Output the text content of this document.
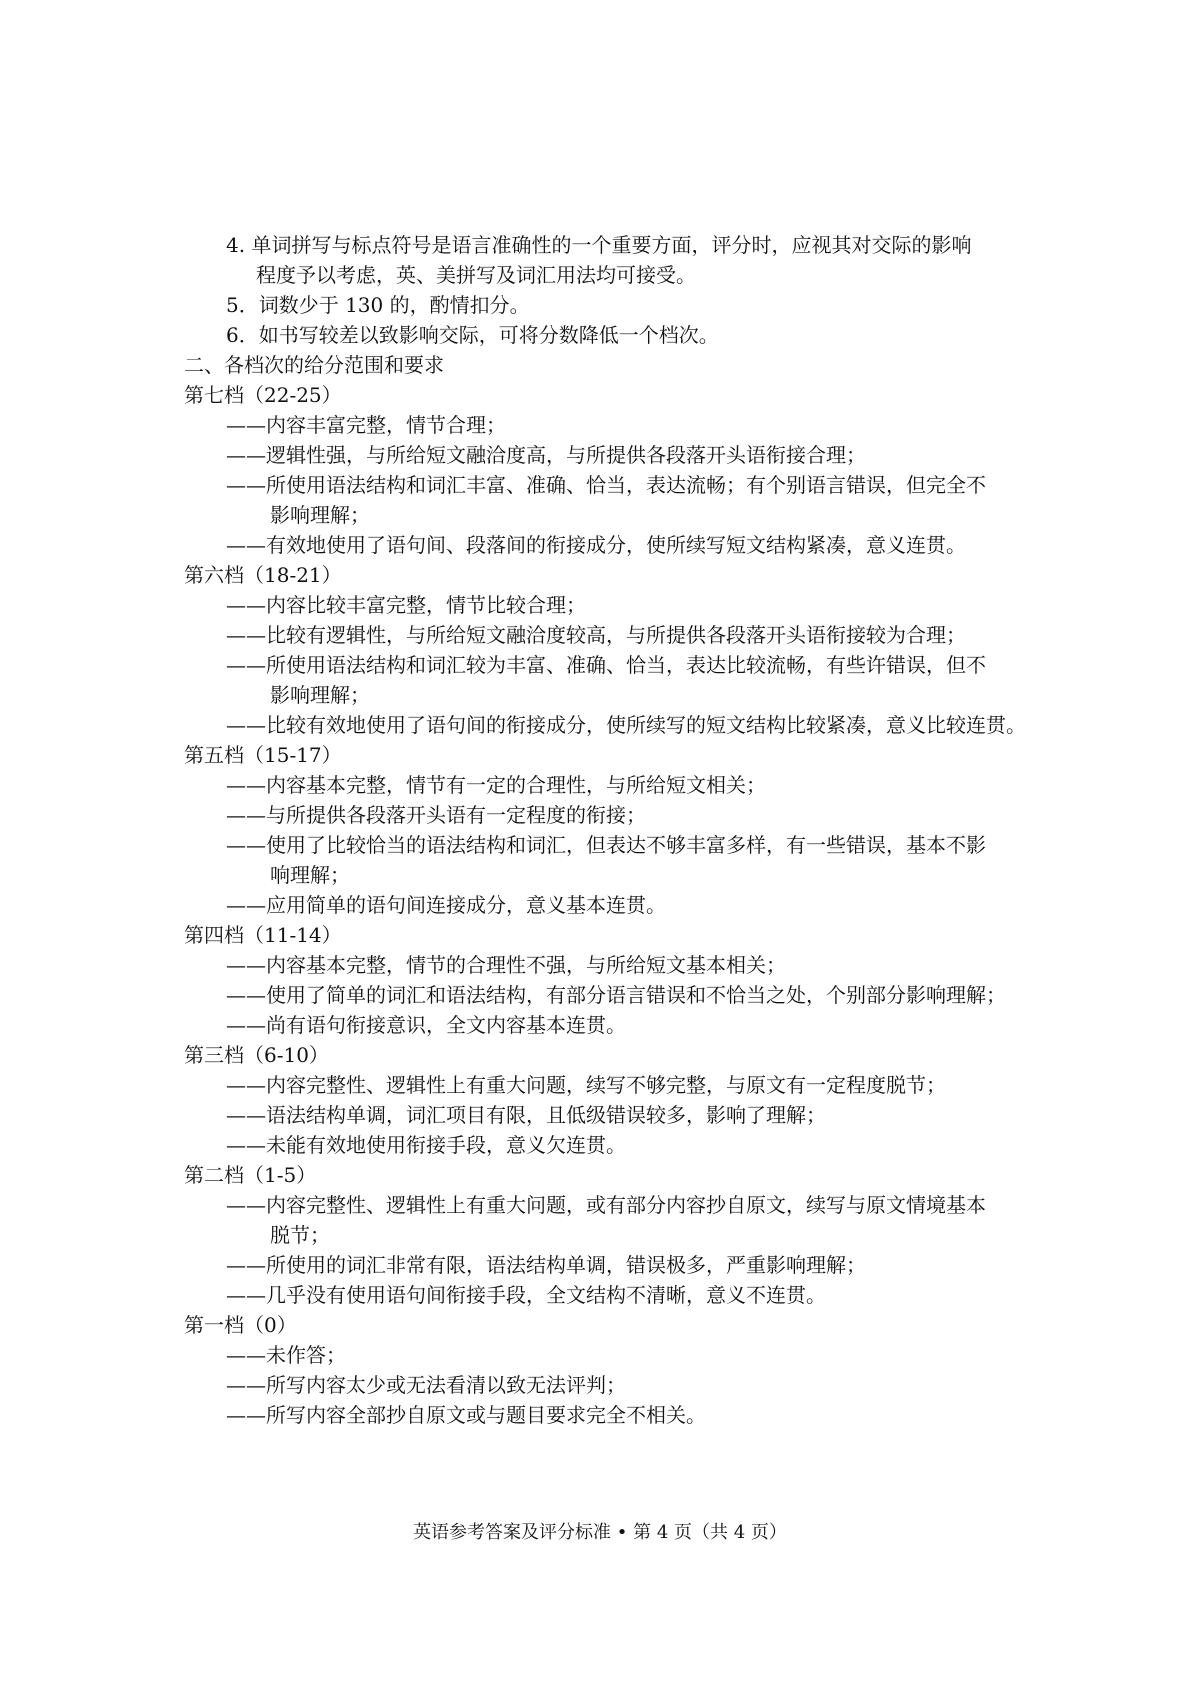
4. 单词拼写与标点符号是语言准确性的一个重要方面，评分时，应视其对交际的影响

程度予以考虑，英、美拼写及词汇用法均可接受。

5．词数少于 130 的，酌情扣分。

6．如书写较差以致影响交际，可将分数降低一个档次。

二、各档次的给分范围和要求

第七档（22-25）

——内容丰富完整，情节合理；

——逻辑性强，与所给短文融洽度高，与所提供各段落开头语衔接合理；

——所使用语法结构和词汇丰富、准确、恰当，表达流畅；有个别语言错误，但完全不

影响理解；

——有效地使用了语句间、段落间的衔接成分，使所续写短文结构紧凑，意义连贯。

第六档（18-21）

——内容比较丰富完整，情节比较合理；

——比较有逻辑性，与所给短文融洽度较高，与所提供各段落开头语衔接较为合理；

——所使用语法结构和词汇较为丰富、准确、恰当，表达比较流畅，有些许错误，但不

影响理解；

——比较有效地使用了语句间的衔接成分，使所续写的短文结构比较紧凑，意义比较连贯。

第五档（15-17）

——内容基本完整，情节有一定的合理性，与所给短文相关；

——与所提供各段落开头语有一定程度的衔接；

——使用了比较恰当的语法结构和词汇，但表达不够丰富多样，有一些错误，基本不影

响理解；

——应用简单的语句间连接成分，意义基本连贯。

第四档（11-14）

——内容基本完整，情节的合理性不强，与所给短文基本相关；

——使用了简单的词汇和语法结构，有部分语言错误和不恰当之处，个别部分影响理解；

——尚有语句衔接意识，全文内容基本连贯。

第三档（6-10）

——内容完整性、逻辑性上有重大问题，续写不够完整，与原文有一定程度脱节；

——语法结构单调，词汇项目有限，且低级错误较多，影响了理解；

——未能有效地使用衔接手段，意义欠连贯。

第二档（1-5）

——内容完整性、逻辑性上有重大问题，或有部分内容抄自原文，续写与原文情境基本

脱节；

——所使用的词汇非常有限，语法结构单调，错误极多，严重影响理解；

——几乎没有使用语句间衔接手段，全文结构不清晰，意义不连贯。

第一档（0）

——未作答；

——所写内容太少或无法看清以致无法评判；

——所写内容全部抄自原文或与题目要求完全不相关。

英语参考答案及评分标准 • 第 4 页（共 4 页）
